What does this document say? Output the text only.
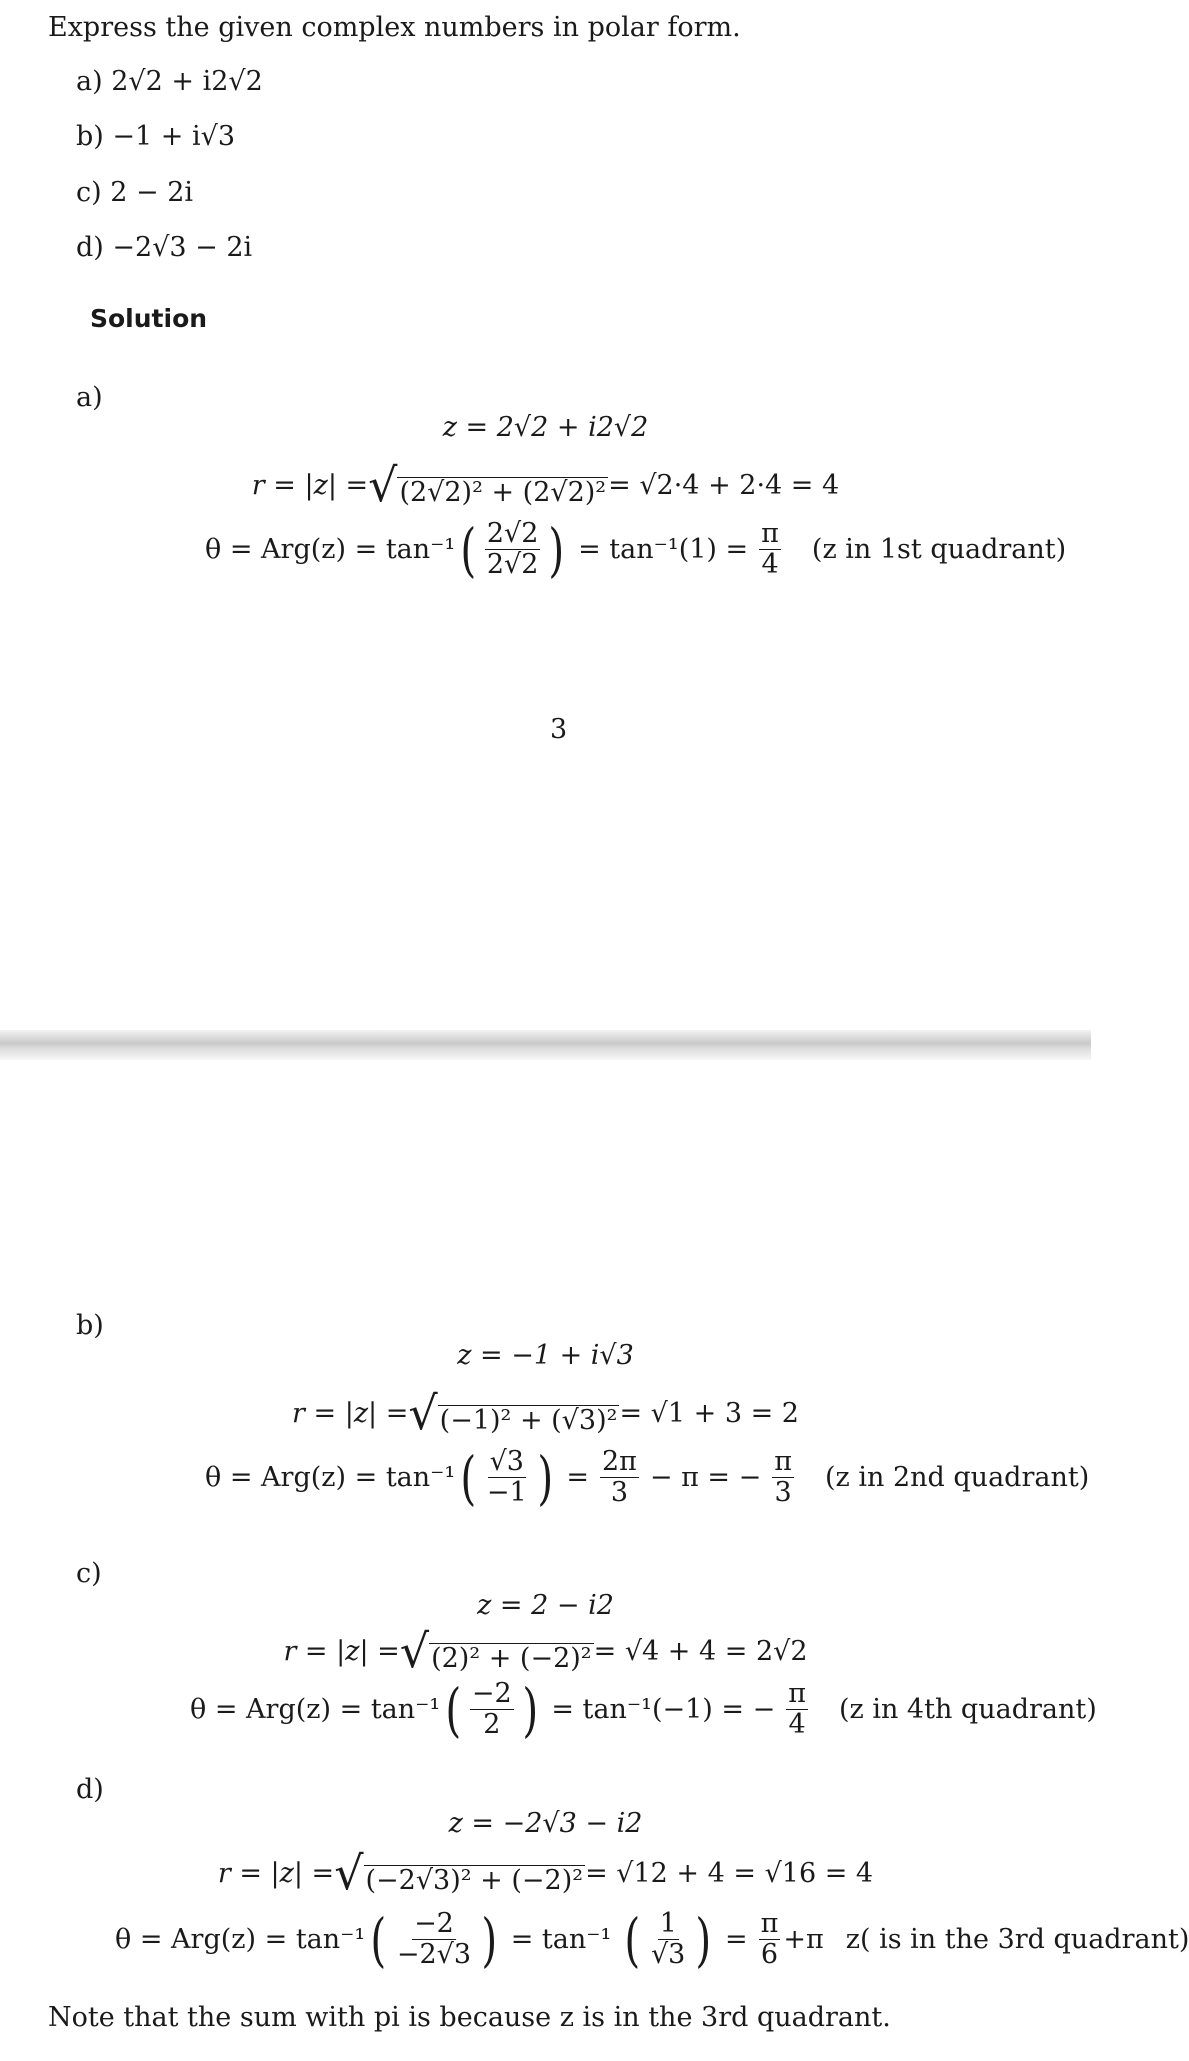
Express the given complex numbers in polar form.
a) 2√2 + i2√2
b) −1 + i√3
c) 2 − 2i
d) −2√3 − 2i
Solution
a)
z = 2√2 + i2√2
r = |z| = √ (2√2)² + (2√2)² = √2·4 + 2·4 = 4
θ = Arg(z) = tan⁻¹ ( $\frac{2√2}{2√2}$ ) = $\tan^{-1}(1) = \frac{\pi}{4} (z$ in 1st quadrant)
3
b)
z = −1 + i√3
r = |z| = √ (−1)² + (√3)² = √1 + 3 = 2
θ = Arg(z) = tan⁻¹ ( $\frac{√3}{-1}$ ) = $\frac{2\pi}{3} - \pi$ = − $\frac{\pi}{3} (z$ in 2nd quadrant)
c)
z = 2 − i2
r = |z| = √ (2)² + (−2)² = √4 + 4 = 2√2
θ = Arg(z) = tan⁻¹ ( $\frac{-2}{2}$ ) = tan⁻¹(−1) = − $\frac{\pi}{4} (z$ in 4th quadrant)
d)
z = −2√3 − i2
r = |z| = √ (−2√3)² + (−2)² = √12 + 4 = √16 = 4
θ = Arg(z) = tan⁻¹ ( $\frac{-2}{-2√3}$ ) = tan⁻¹ ( $\frac{1}{√3}$ ) = $\frac{\pi}{6} +\pi$ z( is in the 3rd quadrant)
Note that the sum with pi is because z is in the 3rd quadrant.
